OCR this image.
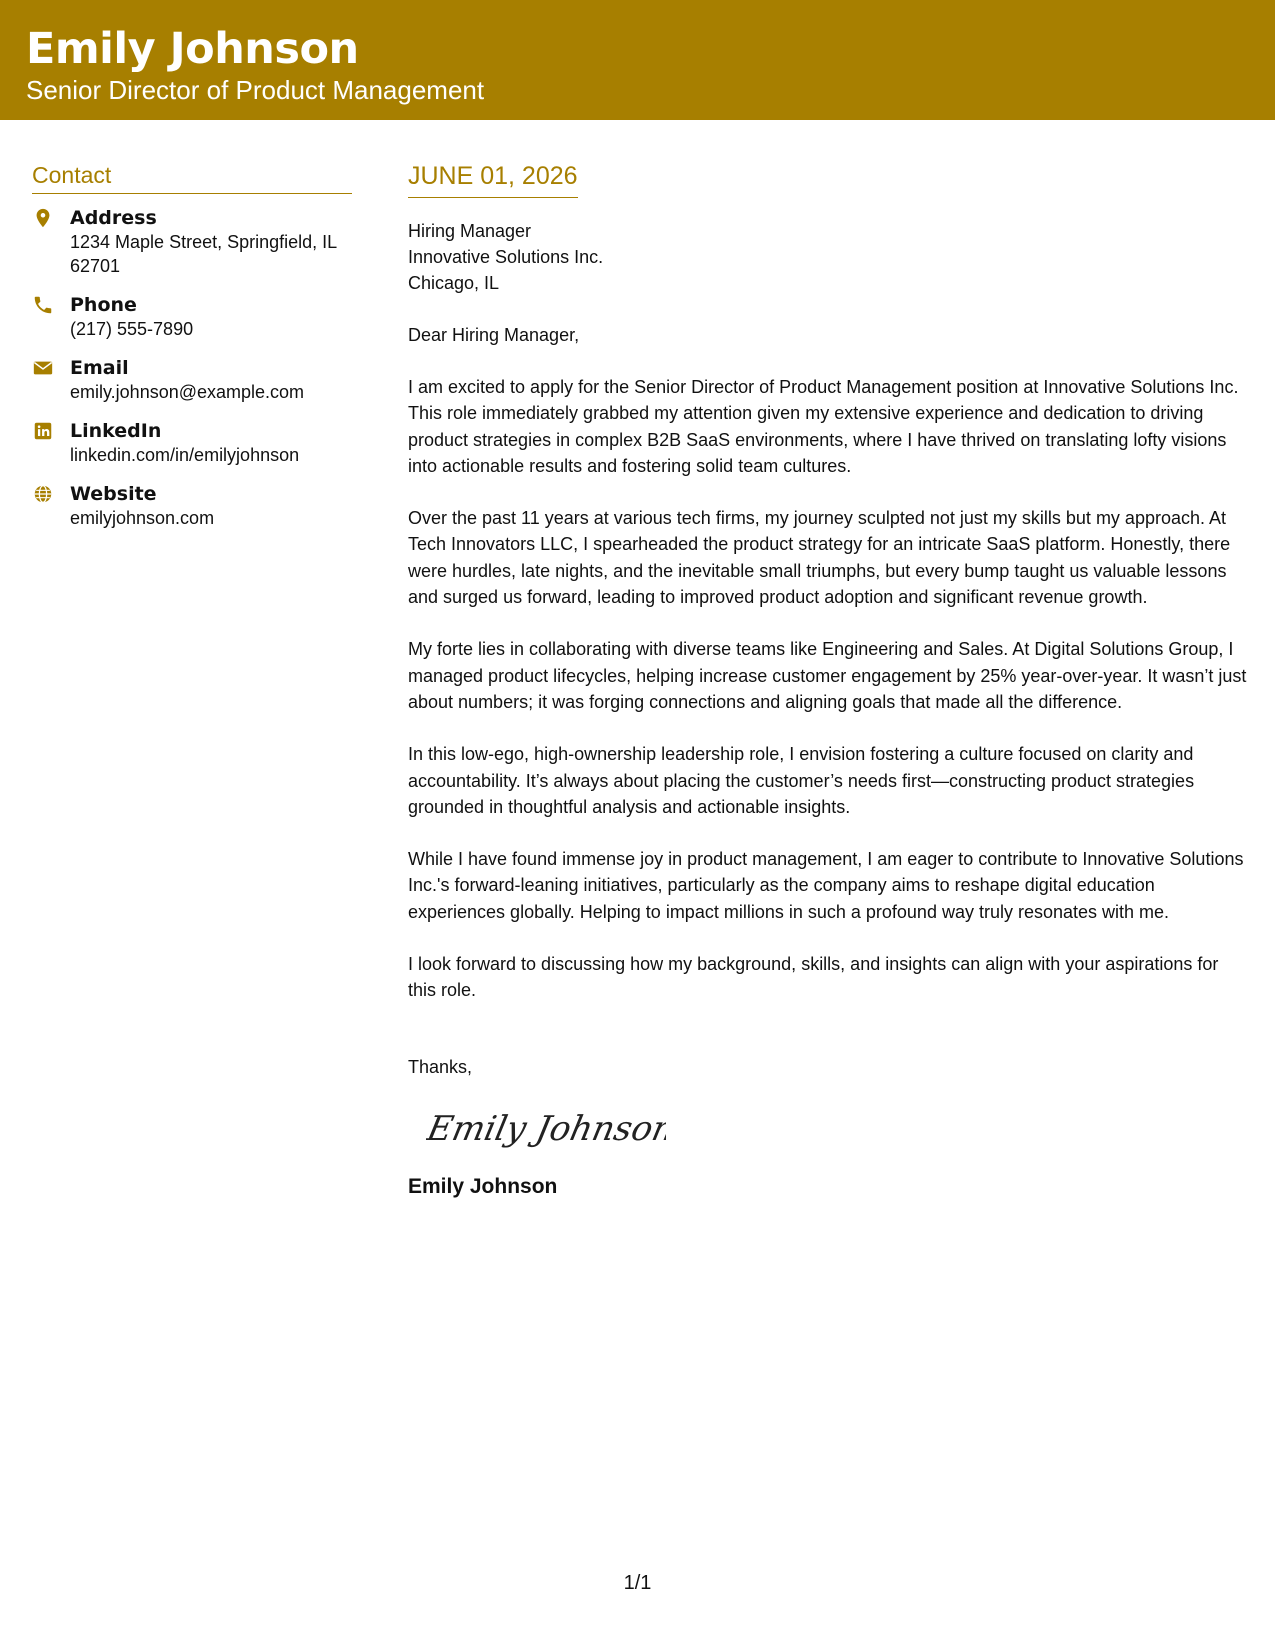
Emily Johnson
Senior Director of Product Management
Contact
Address
1234 Maple Street, Springfield, IL 62701
Phone
(217) 555-7890
Email
emily.johnson@example.com
LinkedIn
linkedin.com/in/emilyjohnson
Website
emilyjohnson.com
JUNE 01, 2026
Hiring Manager
Innovative Solutions Inc.
Chicago, IL
Dear Hiring Manager,
I am excited to apply for the Senior Director of Product Management position at Innovative Solutions Inc. This role immediately grabbed my attention given my extensive experience and dedication to driving product strategies in complex B2B SaaS environments, where I have thrived on translating lofty visions into actionable results and fostering solid team cultures.
Over the past 11 years at various tech firms, my journey sculpted not just my skills but my approach. At Tech Innovators LLC, I spearheaded the product strategy for an intricate SaaS platform. Honestly, there were hurdles, late nights, and the inevitable small triumphs, but every bump taught us valuable lessons and surged us forward, leading to improved product adoption and significant revenue growth.
My forte lies in collaborating with diverse teams like Engineering and Sales. At Digital Solutions Group, I managed product lifecycles, helping increase customer engagement by 25% year-over-year. It wasn’t just about numbers; it was forging connections and aligning goals that made all the difference.
In this low-ego, high-ownership leadership role, I envision fostering a culture focused on clarity and accountability. It’s always about placing the customer’s needs first—constructing product strategies grounded in thoughtful analysis and actionable insights.
While I have found immense joy in product management, I am eager to contribute to Innovative Solutions Inc.'s forward-leaning initiatives, particularly as the company aims to reshape digital education experiences globally. Helping to impact millions in such a profound way truly resonates with me.
I look forward to discussing how my background, skills, and insights can align with your aspirations for this role.
Thanks,
Emily Johnson
Emily Johnson
1/1
